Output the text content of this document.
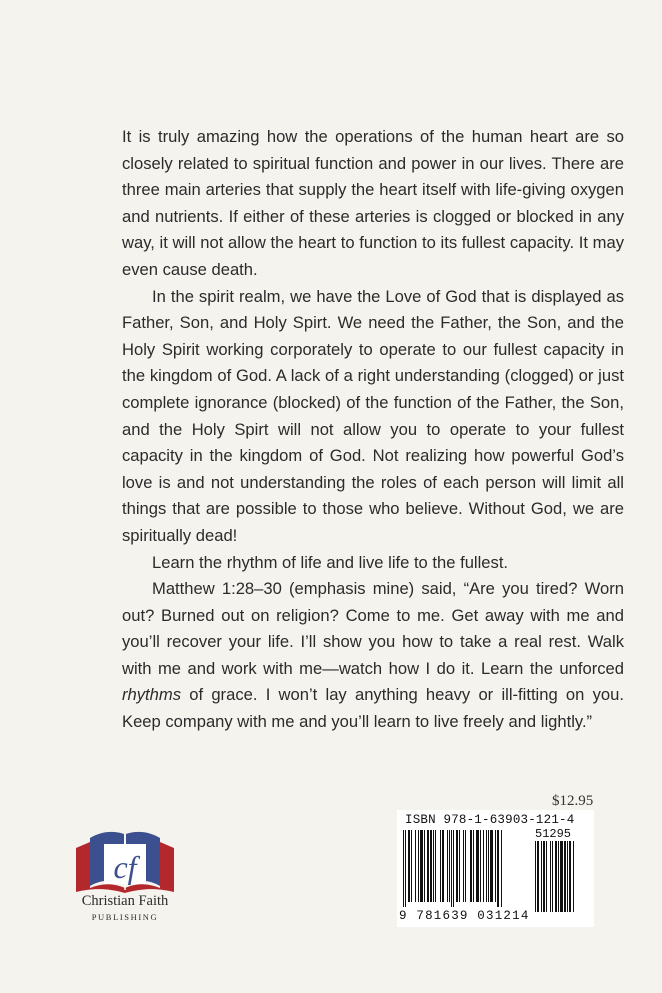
It is truly amazing how the operations of the human heart are so closely related to spiritual function and power in our lives. There are three main arteries that supply the heart itself with life-giving oxygen and nutrients. If either of these arteries is clogged or blocked in any way, it will not allow the heart to function to its fullest capacity. It may even cause death.

In the spirit realm, we have the Love of God that is displayed as Father, Son, and Holy Spirt. We need the Father, the Son, and the Holy Spirit working corporately to operate to our fullest capacity in the kingdom of God. A lack of a right understanding (clogged) or just complete ignorance (blocked) of the function of the Father, the Son, and the Holy Spirt will not allow you to operate to your fullest capacity in the kingdom of God. Not realizing how powerful God’s love is and not understanding the roles of each person will limit all things that are possible to those who believe. Without God, we are spiritually dead!

Learn the rhythm of life and live life to the fullest.

Matthew 1:28–30 (emphasis mine) said, “Are you tired? Worn out? Burned out on religion? Come to me. Get away with me and you’ll recover your life. I’ll show you how to take a real rest. Walk with me and work with me—watch how I do it. Learn the unforced rhythms of grace. I won’t lay anything heavy or ill-fitting on you. Keep company with me and you’ll learn to live freely and lightly.”

$12.95
ISBN 978-1-63903-121-4
51295
9 781639 031214
cf
Christian Faith
PUBLISHING
